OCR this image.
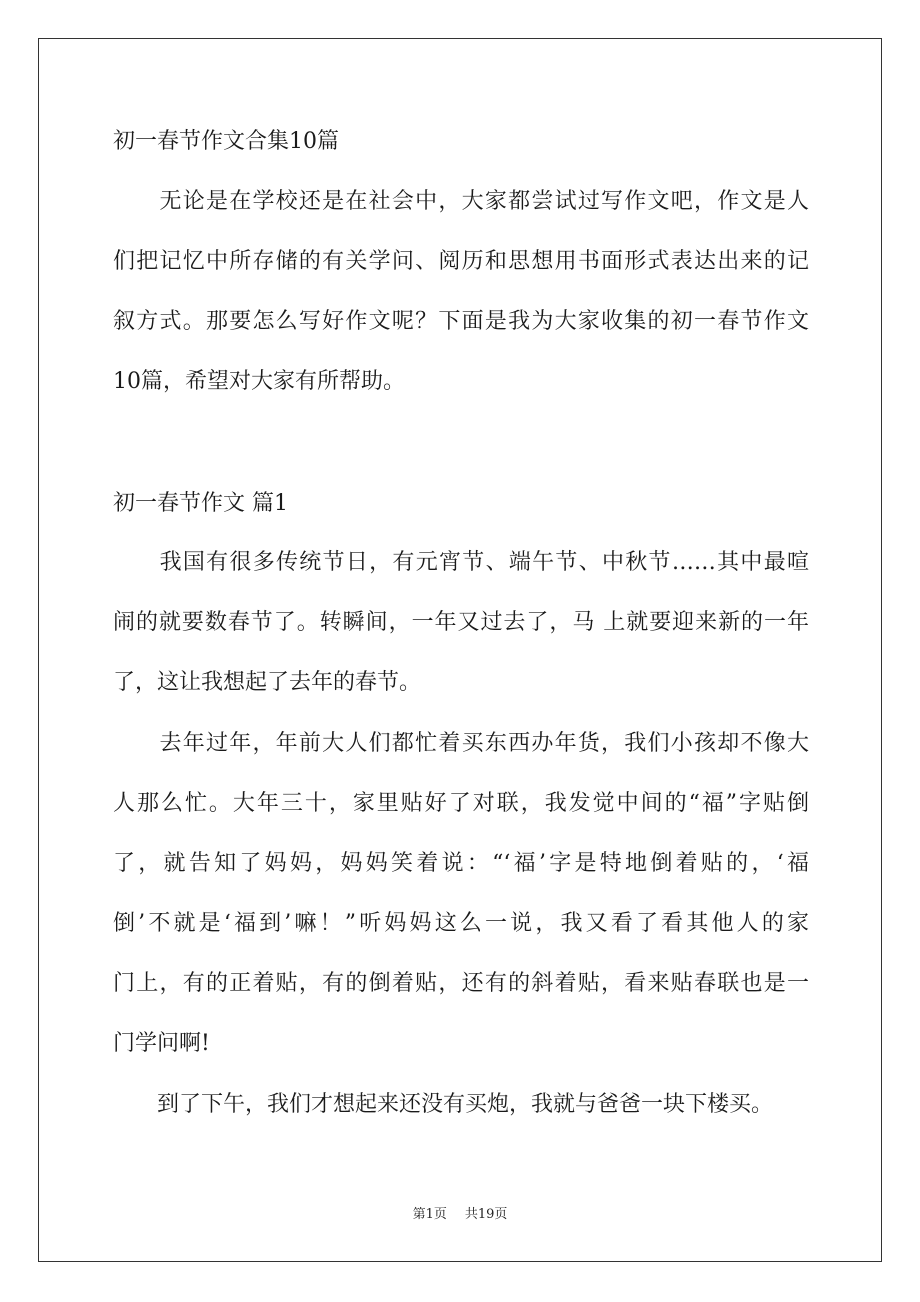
初一春节作文合集10篇
　　无论是在学校还是在社会中，大家都尝试过写作文吧，作文是人
们把记忆中所存储的有关学问、阅历和思想用书面形式表达出来的记
叙方式。那要怎么写好作文呢？下面是我为大家收集的初一春节作文
10篇，希望对大家有所帮助。
初一春节作文 篇1
　　我国有很多传统节日，有元宵节、端午节、中秋节……其中最喧
闹的就要数春节了。转瞬间，一年又过去了，马 上就要迎来新的一年
了，这让我想起了去年的春节。
　　去年过年，年前大人们都忙着买东西办年货，我们小孩却不像大
人那么忙。大年三十，家里贴好了对联，我发觉中间的“福”字贴倒
了，就告知了妈妈，妈妈笑着说：“‘福’字是特地倒着贴的，‘福
倒’不就是‘福到’嘛！”听妈妈这么一说，我又看了看其他人的家
门上，有的正着贴，有的倒着贴，还有的斜着贴，看来贴春联也是一
门学问啊!
　　到了下午，我们才想起来还没有买炮，我就与爸爸一块下楼买。
第1页 共19页
